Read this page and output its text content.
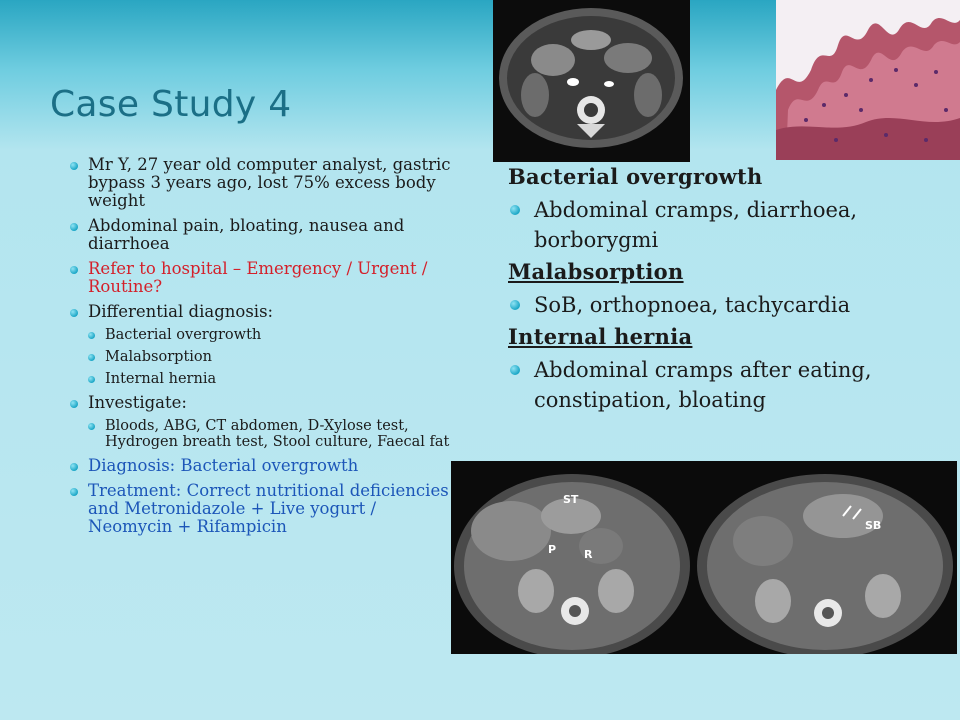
Case Study 4
Mr Y, 27 year old computer analyst, gastric bypass 3 years ago, lost 75% excess body weight
Abdominal pain, bloating, nausea and diarrhoea
Refer to hospital – Emergency / Urgent / Routine?
Differential diagnosis:
Bacterial overgrowth
Malabsorption
Internal hernia
Investigate:
Bloods, ABG, CT abdomen, D-Xylose test, Hydrogen breath test, Stool culture, Faecal fat
Diagnosis: Bacterial overgrowth
Treatment: Correct nutritional deficiencies and Metronidazole + Live yogurt / Neomycin + Rifampicin
Bacterial overgrowth
Abdominal cramps, diarrhoea, borborygmi
Malabsorption
SoB, orthopnoea, tachycardia
Internal hernia
Abdominal cramps after eating, constipation, bloating
ST
P	R
SB
